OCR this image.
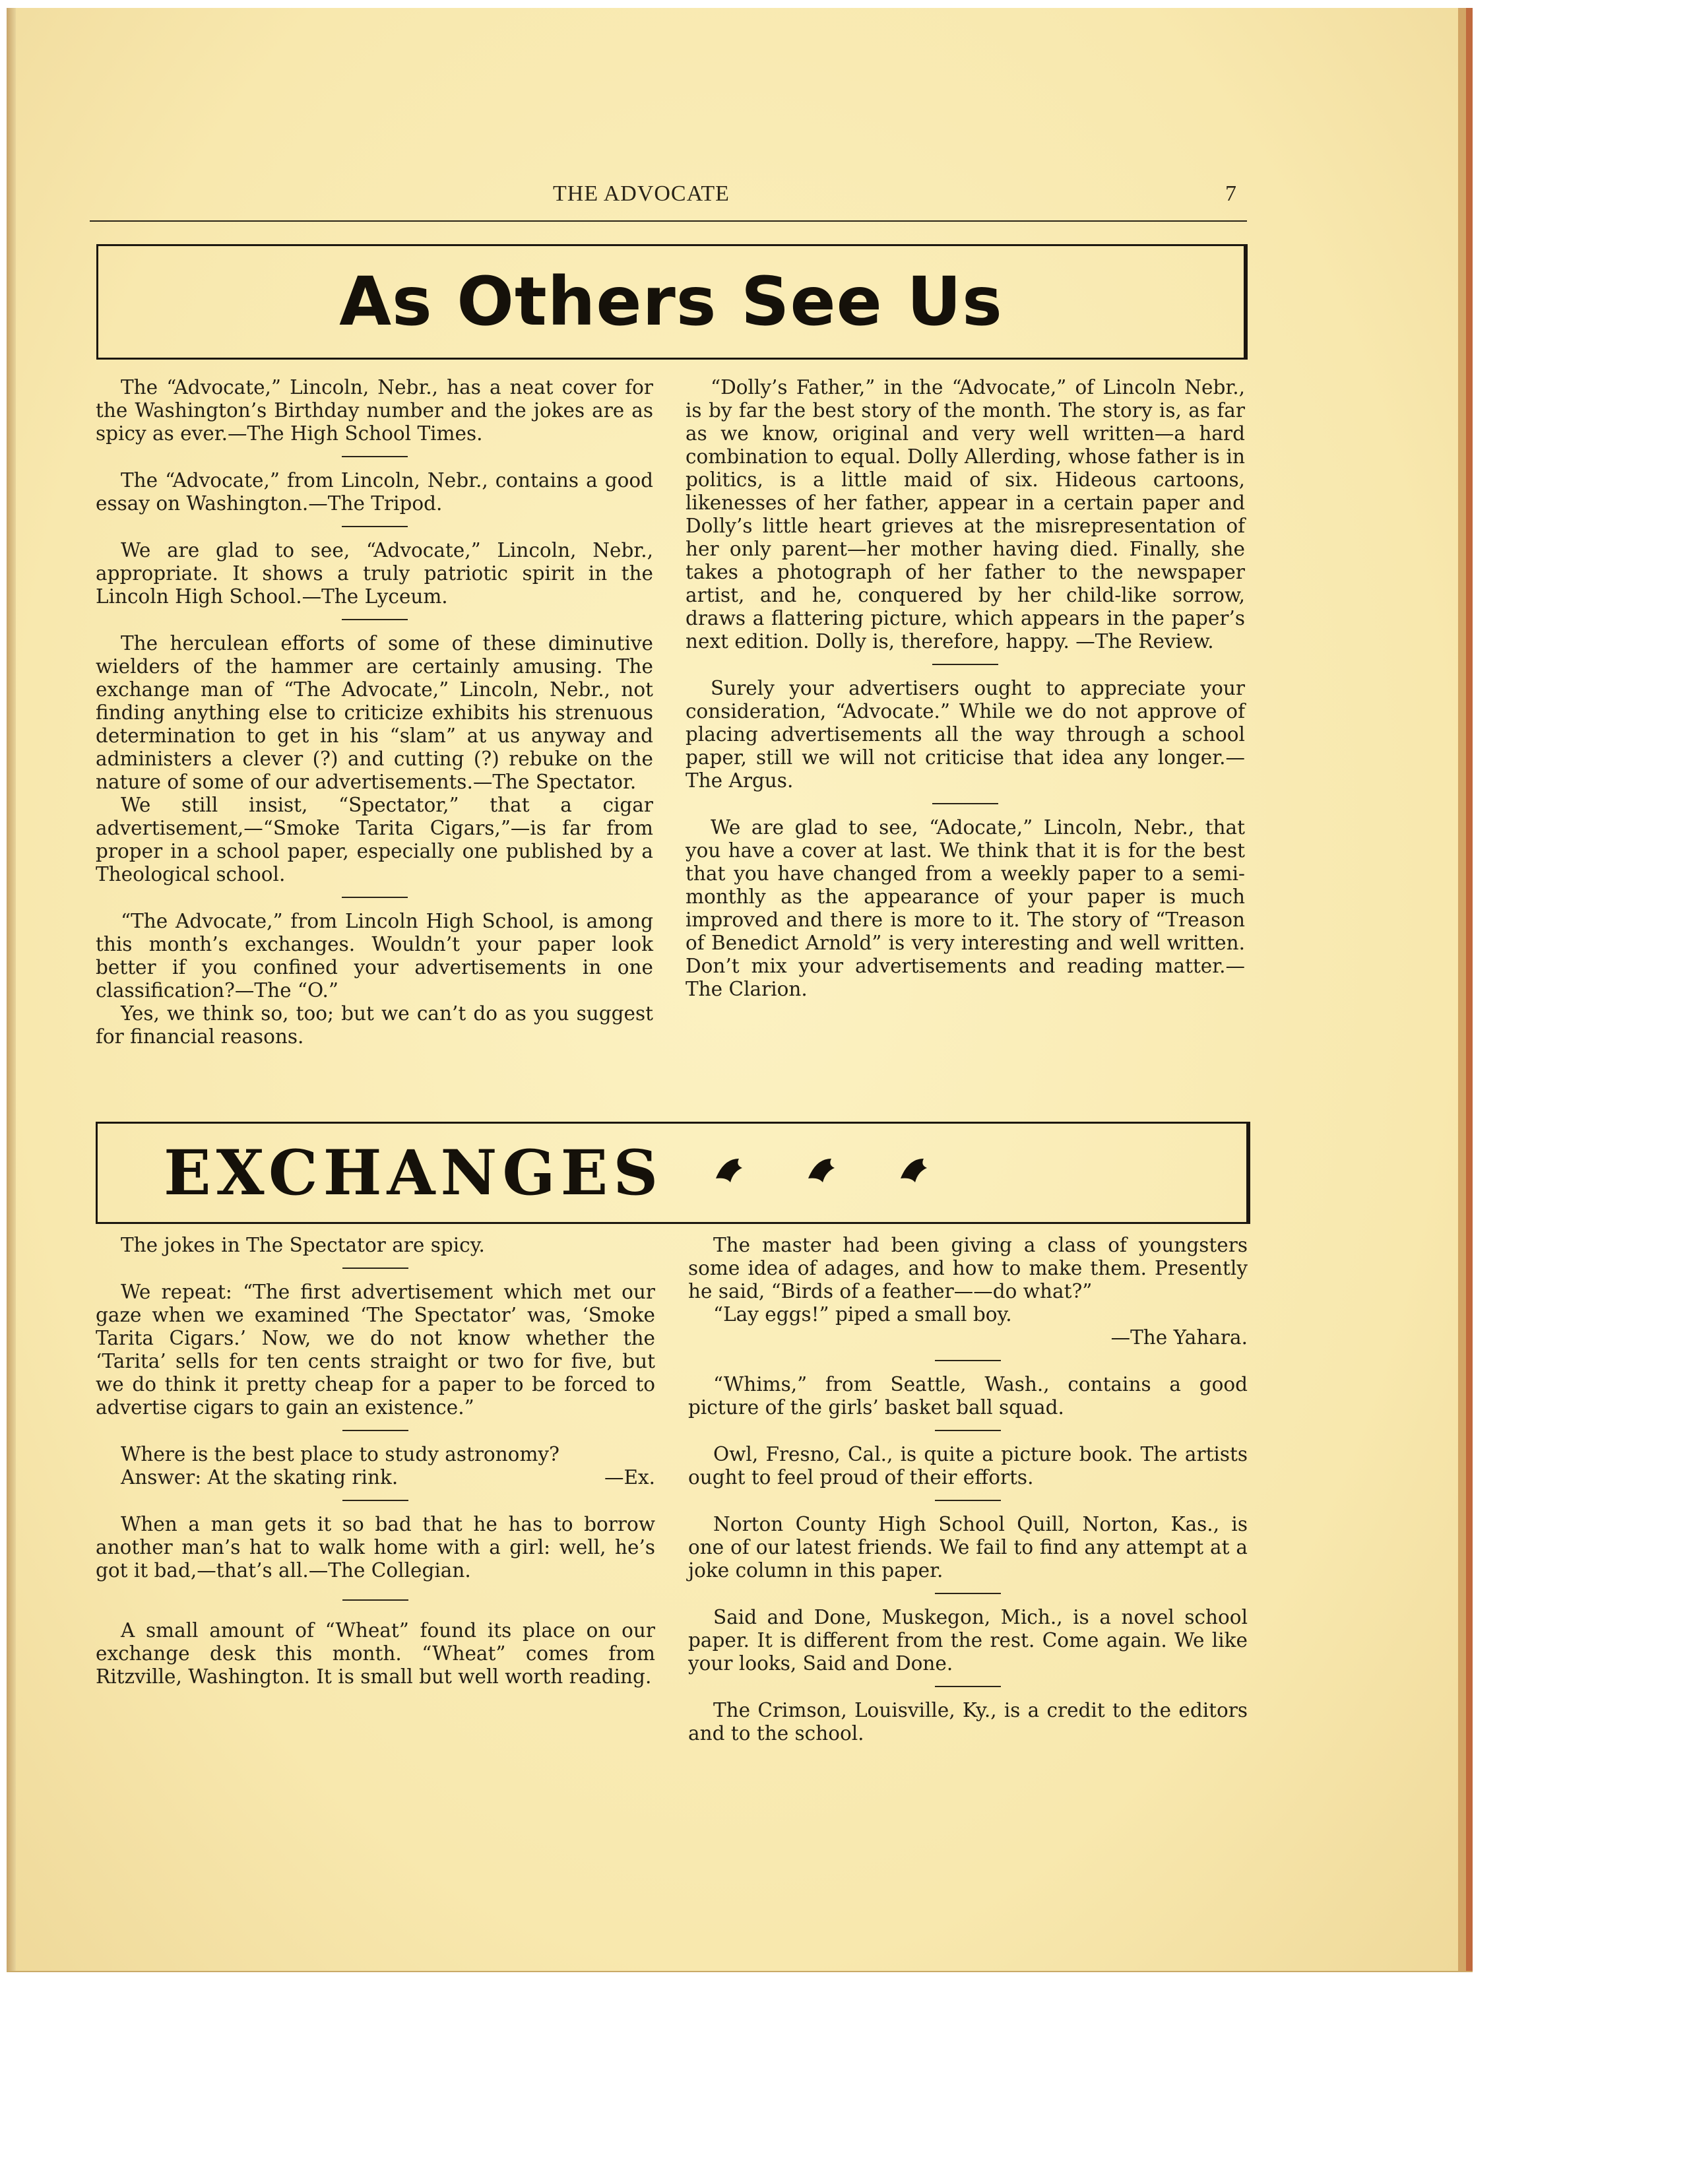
THE ADVOCATE	7
As Others See Us

The “Advocate,” Lincoln, Nebr., has a neat cover for the Washington’s Birthday number and the jokes are as spicy as ever.—The High School Times.

The “Advocate,” from Lincoln, Nebr., contains a good essay on Washington.—The Tripod.

We are glad to see, “Advocate,” Lincoln, Nebr., appropriate. It shows a truly patriotic spirit in the Lincoln High School.—The Lyceum.

The herculean efforts of some of these diminutive wielders of the hammer are certainly amusing. The exchange man of “The Advocate,” Lincoln, Nebr., not finding anything else to criticize exhibits his strenuous determination to get in his “slam” at us anyway and administers a clever (?) and cutting (?) rebuke on the nature of some of our advertisements.—The Spectator.

We still insist, “Spectator,” that a cigar advertisement,—“Smoke Tarita Cigars,”—is far from proper in a school paper, especially one published by a Theological school.

“The Advocate,” from Lincoln High School, is among this month’s exchanges. Wouldn’t your paper look better if you confined your advertisements in one classification?—The “O.”

Yes, we think so, too; but we can’t do as you suggest for financial reasons.

“Dolly’s Father,” in the “Advocate,” of Lincoln Nebr., is by far the best story of the month. The story is, as far as we know, original and very well written—a hard combination to equal. Dolly Allerding, whose father is in politics, is a little maid of six. Hideous cartoons, likenesses of her father, appear in a certain paper and Dolly’s little heart grieves at the misrepresentation of her only parent—her mother having died. Finally, she takes a photograph of her father to the newspaper artist, and he, conquered by her child-like sorrow, draws a flattering picture, which appears in the paper’s next edition. Dolly is, therefore, happy. —The Review.

Surely your advertisers ought to appreciate your consideration, “Advocate.” While we do not approve of placing advertisements all the way through a school paper, still we will not criticise that idea any longer.—The Argus.

We are glad to see, “Adocate,” Lincoln, Nebr., that you have a cover at last. We think that it is for the best that you have changed from a weekly paper to a semi-monthly as the appearance of your paper is much improved and there is more to it. The story of “Treason of Benedict Arnold” is very interesting and well written. Don’t mix your advertisements and reading matter.—The Clarion.

EXCHANGES

The jokes in The Spectator are spicy.

We repeat: “The first advertisement which met our gaze when we examined ‘The Spectator’ was, ‘Smoke Tarita Cigars.’ Now, we do not know whether the ‘Tarita’ sells for ten cents straight or two for five, but we do think it pretty cheap for a paper to be forced to advertise cigars to gain an existence.”

Where is the best place to study astronomy?

Answer: At the skating rink.	—Ex.

When a man gets it so bad that he has to borrow another man’s hat to walk home with a girl: well, he’s got it bad,—that’s all.—The Collegian.

A small amount of “Wheat” found its place on our exchange desk this month. “Wheat” comes from Ritzville, Washington. It is small but well worth reading.

The master had been giving a class of youngsters some idea of adages, and how to make them. Presently he said, “Birds of a feather——do what?”

“Lay eggs!” piped a small boy.

—The Yahara.

“Whims,” from Seattle, Wash., contains a good picture of the girls’ basket ball squad.

Owl, Fresno, Cal., is quite a picture book. The artists ought to feel proud of their efforts.

Norton County High School Quill, Norton, Kas., is one of our latest friends. We fail to find any attempt at a joke column in this paper.

Said and Done, Muskegon, Mich., is a novel school paper. It is different from the rest. Come again. We like your looks, Said and Done.

The Crimson, Louisville, Ky., is a credit to the editors and to the school.
